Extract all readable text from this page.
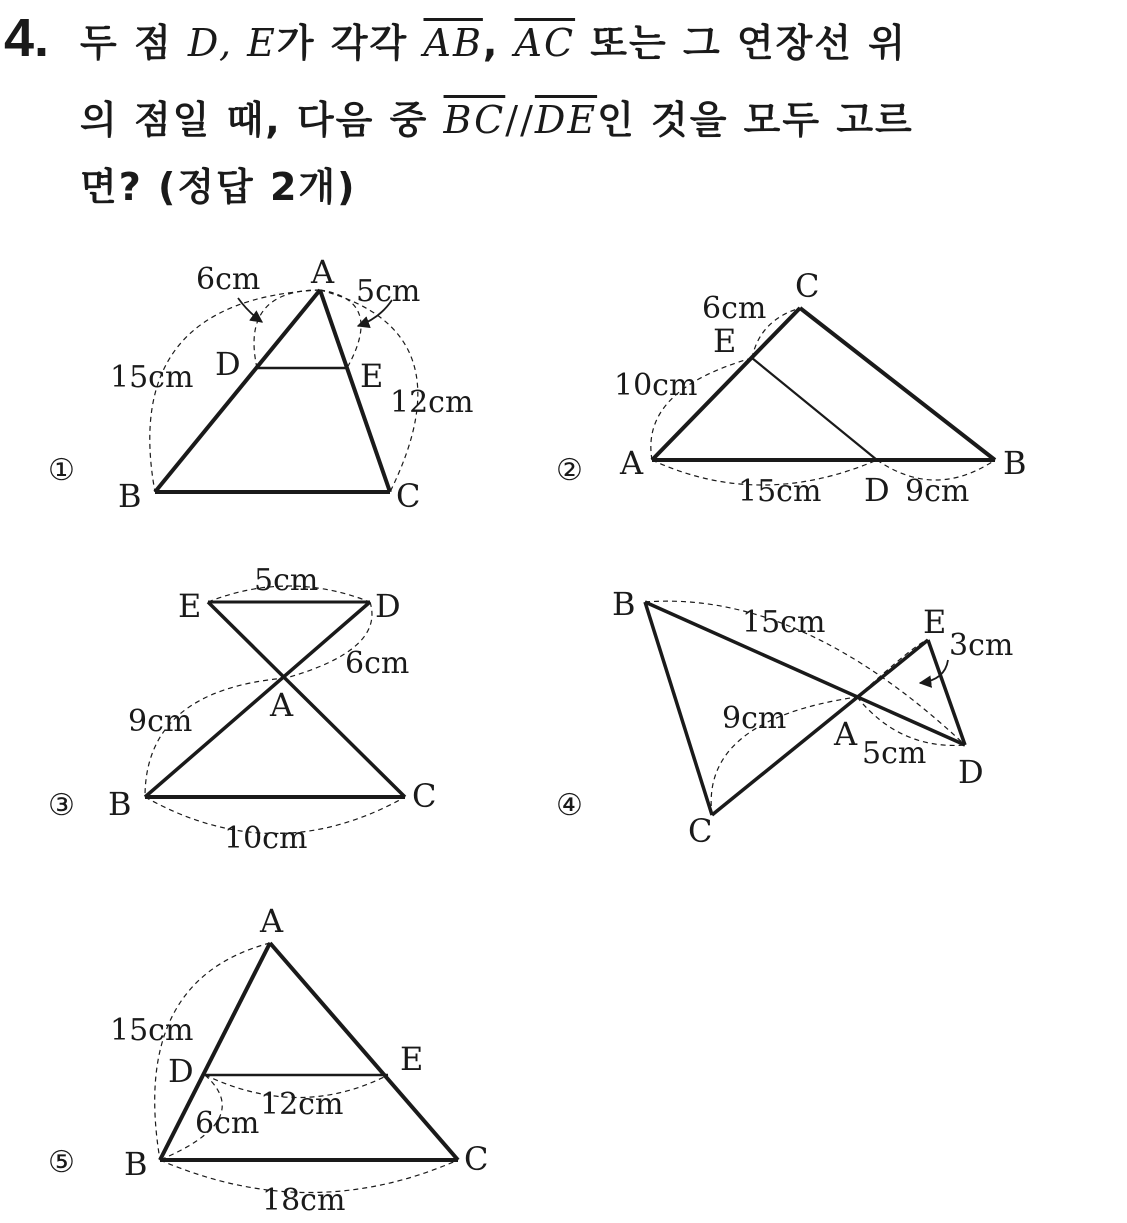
4. 두 점 D, E가 각각 $\overline{AB}$, $\overline{AC}$ 또는 그 연장선 위
의 점일 때, 다음 중 $\overline{BC}//\overline{DE}$인 것을 모두 고르
면? (정답 2개)
①
A
B	C
D	E
6cm	5cm
15cm
12cm
②
C
E
A	B
D
6cm
10cm
15cm	9cm
③
E	D
A
B	C
5cm
6cm
9cm
10cm
④
B	E
A
D
C
15cm
3cm
9cm
5cm
⑤
A
D	E
B	C
15cm
12cm
6cm
18cm
